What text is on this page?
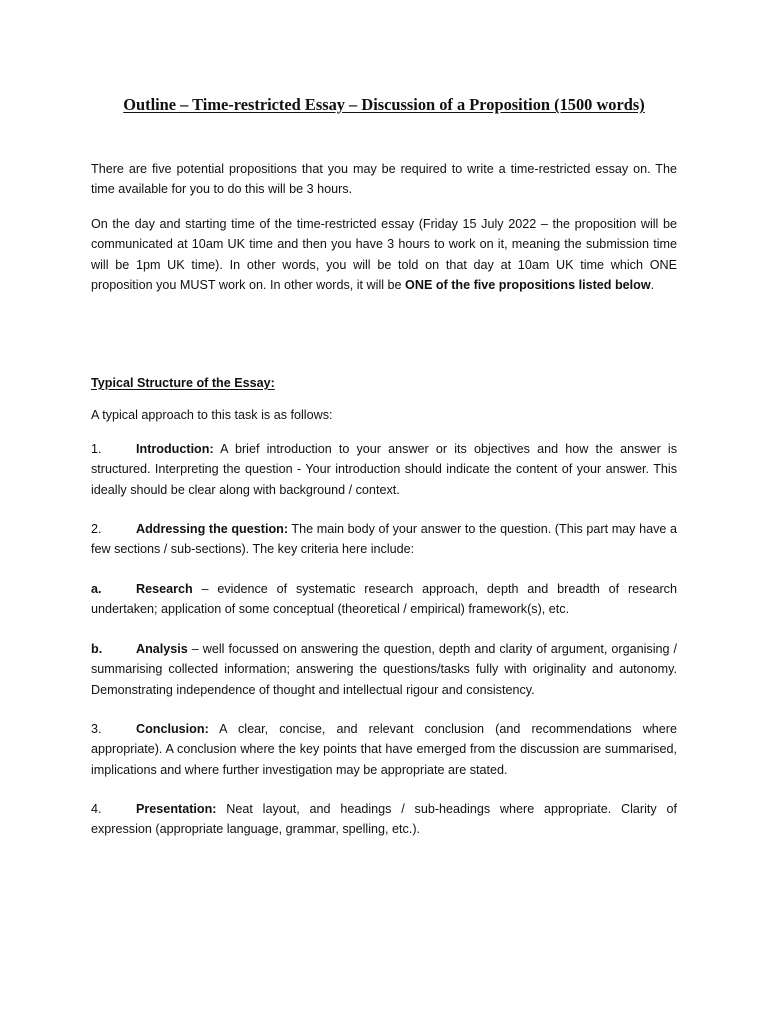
Outline – Time-restricted Essay – Discussion of a Proposition (1500 words)

There are five potential propositions that you may be required to write a time-restricted essay on. The time available for you to do this will be 3 hours.

On the day and starting time of the time-restricted essay (Friday 15 July 2022 – the proposition will be communicated at 10am UK time and then you have 3 hours to work on it, meaning the submission time will be 1pm UK time). In other words, you will be told on that day at 10am UK time which ONE proposition you MUST work on. In other words, it will be ONE of the five propositions listed below.

Typical Structure of the Essay:

A typical approach to this task is as follows:

1.	Introduction: A brief introduction to your answer or its objectives and how the answer is structured. Interpreting the question - Your introduction should indicate the content of your answer. This ideally should be clear along with background / context.

2.	Addressing the question: The main body of your answer to the question. (This part may have a few sections / sub-sections). The key criteria here include:

a.	Research – evidence of systematic research approach, depth and breadth of research undertaken; application of some conceptual (theoretical / empirical) framework(s), etc.

b.	Analysis – well focussed on answering the question, depth and clarity of argument, organising / summarising collected information; answering the questions/tasks fully with originality and autonomy. Demonstrating independence of thought and intellectual rigour and consistency.

3.	Conclusion: A clear, concise, and relevant conclusion (and recommendations where appropriate). A conclusion where the key points that have emerged from the discussion are summarised, implications and where further investigation may be appropriate are stated.

4.	Presentation: Neat layout, and headings / sub-headings where appropriate. Clarity of expression (appropriate language, grammar, spelling, etc.).
